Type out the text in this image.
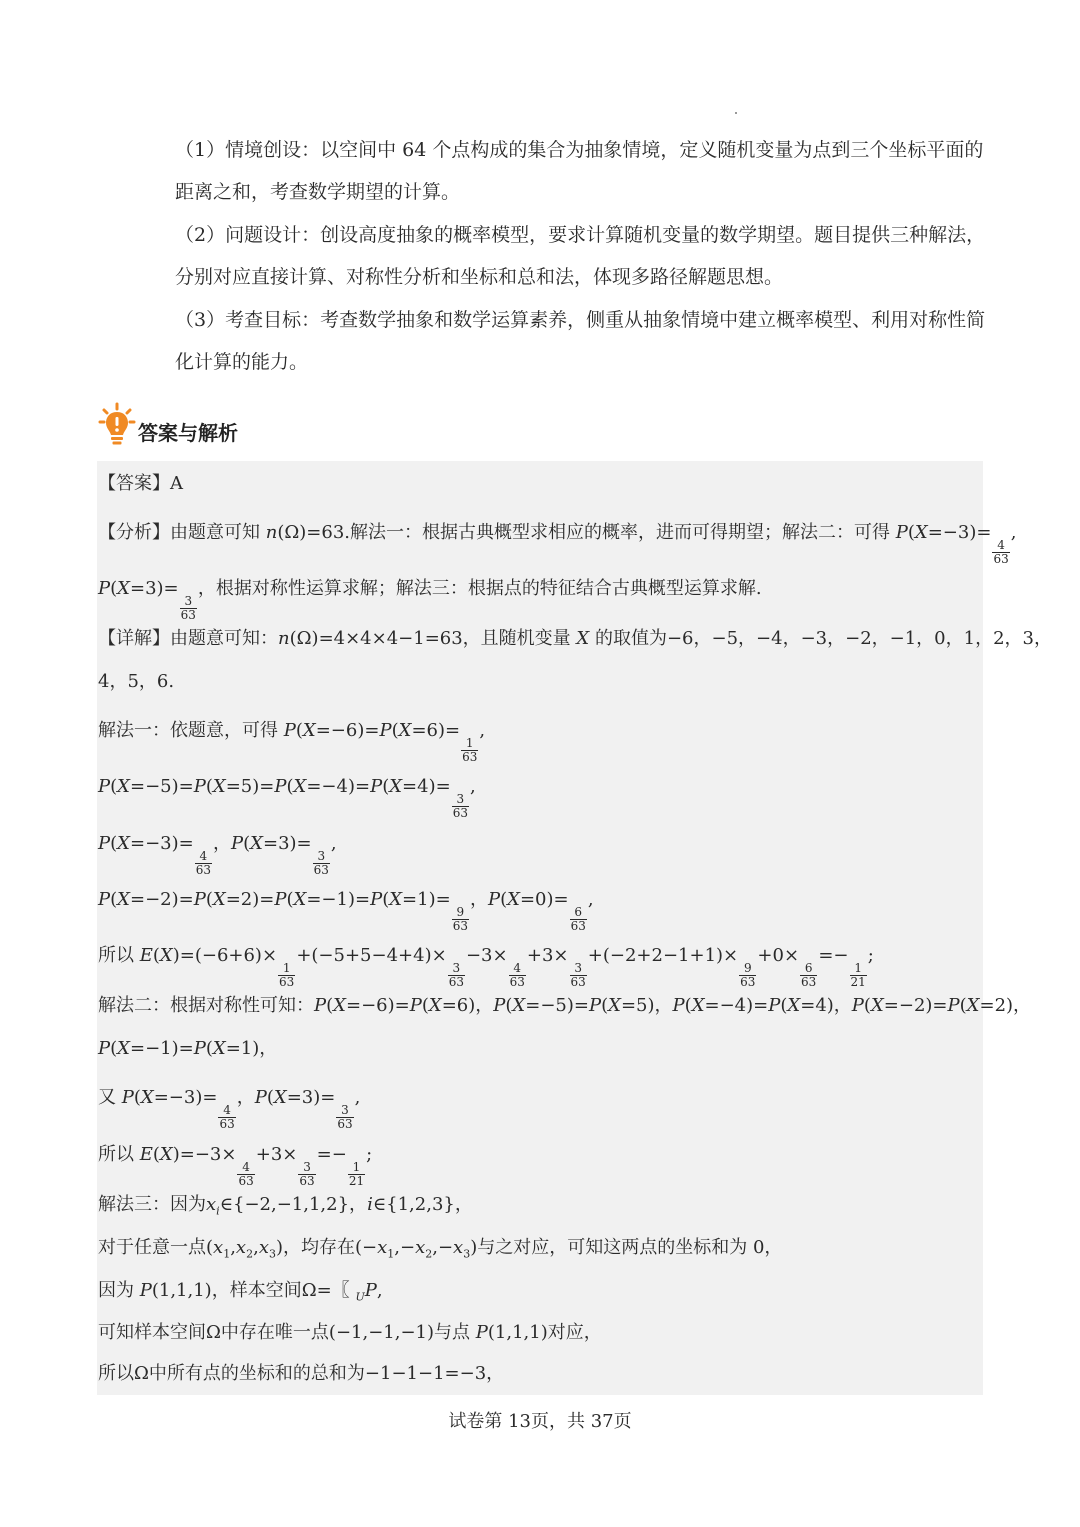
（1）情境创设：以空间中 64 个点构成的集合为抽象情境，定义随机变量为点到三个坐标平面的
距离之和，考查数学期望的计算。
（2）问题设计：创设高度抽象的概率模型，要求计算随机变量的数学期望。题目提供三种解法，
分别对应直接计算、对称性分析和坐标和总和法，体现多路径解题思想。
（3）考查目标：考查数学抽象和数学运算素养，侧重从抽象情境中建立概率模型、利用对称性简
化计算的能力。
答案与解析
【答案】A
【分析】由题意可知 n(Ω)=63.解法一：根据古典概型求相应的概率，进而可得期望；解法二：可得 P(X=−3)=
$\frac{4}{63}$
,
P(X=3)=
$\frac{3}{63}$
，根据对称性运算求解；解法三：根据点的特征结合古典概型运算求解.
【详解】由题意可知：n(Ω)=4×4×4−1=63，且随机变量 X 的取值为−6，−5，−4，−3，−2，−1，0，1，2，3，
4，5，6.
解法一：依题意，可得 P(X=−6)=P(X=6)=
$\frac{1}{63}$
,
P(X=−5)=P(X=5)=P(X=−4)=P(X=4)=
$\frac{3}{63}$
,
P(X=−3)=
$\frac{4}{63}$
，P(X=3)=
$\frac{3}{63}$
,
P(X=−2)=P(X=2)=P(X=−1)=P(X=1)=
$\frac{9}{63}$
，P(X=0)=
$\frac{6}{63}$
,
所以 E(X)=(−6+6)×
$\frac{1}{63}$
+(−5+5−4+4)×
$\frac{3}{63}$
−3×
$\frac{4}{63}$
+3×
$\frac{3}{63}$
+(−2+2−1+1)×
$\frac{9}{63}$
+0×
$\frac{6}{63}$
=−
$\frac{1}{21}$
;
解法二：根据对称性可知：P(X=−6)=P(X=6)，P(X=−5)=P(X=5)，P(X=−4)=P(X=4)，P(X=−2)=P(X=2)，
P(X=−1)=P(X=1)，
又 P(X=−3)=
$\frac{4}{63}$
，P(X=3)=
$\frac{3}{63}$
,
所以 E(X)=−3×
$\frac{4}{63}$
+3×
$\frac{3}{63}$
=−
$\frac{1}{21}$
;
解法三：因为$x_i\in\{-2,-1,1,2\}$，i∈{1,2,3}，
对于任意一点$(x_1,x_2,x_3)$，均存在$(-x_1,-x_2,-x_3)$与之对应，可知这两点的坐标和为 0，
因为 P(1,1,1)，样本空间Ω=〖 $_U$P,
可知样本空间Ω中存在唯一点(−1,−1,−1)与点 P(1,1,1)对应，
所以Ω中所有点的坐标和的总和为−1−1−1=−3，
试卷第 13页，共 37页
